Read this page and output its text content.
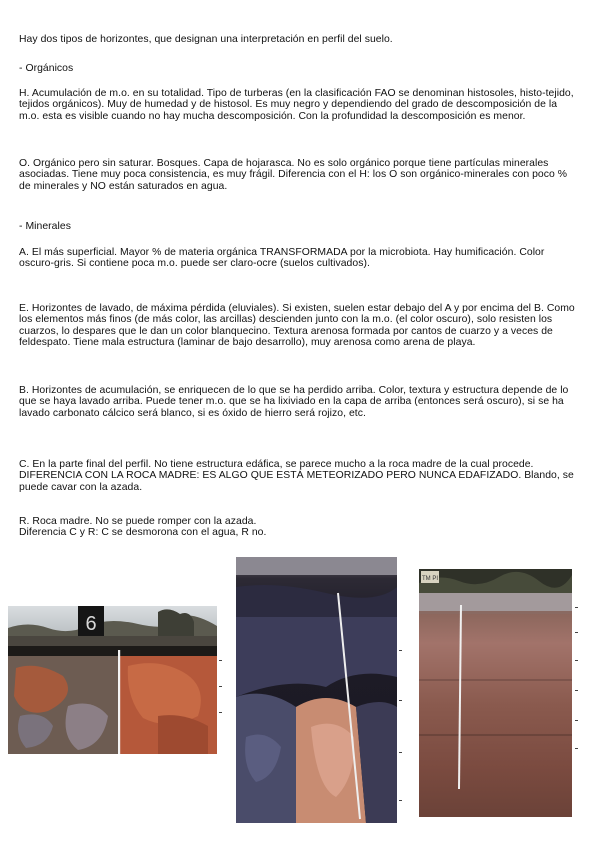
Hay dos tipos de horizontes, que designan una interpretación en perfil del suelo.

- Orgánicos

H. Acumulación de m.o. en su totalidad. Tipo de turberas (en la clasificación FAO se denominan histosoles, histo-tejido, tejidos orgánicos). Muy de humedad y de histosol. Es muy negro y dependiendo del grado de descomposición de la m.o. esta es visible cuando no hay mucha descomposición. Con la profundidad la descomposición es menor.

O. Orgánico pero sin saturar. Bosques. Capa de hojarasca. No es solo orgánico porque tiene partículas minerales asociadas. Tiene muy poca consistencia, es muy frágil. Diferencia con el H: los O son orgánico-minerales con poco % de minerales y NO están saturados en agua.

- Minerales

A. El más superficial. Mayor % de materia orgánica TRANSFORMADA por la microbiota. Hay humificación. Color oscuro-gris. Si contiene poca m.o. puede ser claro-ocre (suelos cultivados).

E. Horizontes de lavado, de máxima pérdida (eluviales). Si existen, suelen estar debajo del A y por encima del B. Como los elementos más finos (de más color, las arcillas) descienden junto con la m.o. (el color oscuro), solo resisten los cuarzos, lo despares que le dan un color blanquecino. Textura arenosa formada por cantos de cuarzo y a veces de feldespato. Tiene mala estructura (laminar de bajo desarrollo), muy arenosa como arena de playa.

B. Horizontes de acumulación, se enriquecen de lo que se ha perdido arriba. Color, textura y estructura depende de lo que se haya lavado arriba. Puede tener m.o. que se ha lixiviado en la capa de arriba (entonces será oscuro), si se ha lavado carbonato cálcico será blanco, si es óxido de hierro será rojizo, etc.

C. En la parte final del perfil. No tiene estructura edáfica, se parece mucho a la roca madre de la cual procede. DIFERENCIA CON LA ROCA MADRE: ES ALGO QUE ESTÁ METEORIZADO PERO NUNCA EDAFIZADO. Blando, se puede cavar con la azada.

R. Roca madre. No se puede romper con la azada.

Diferencia C y R: C se desmorona con el agua, R no.

6
TM PI
